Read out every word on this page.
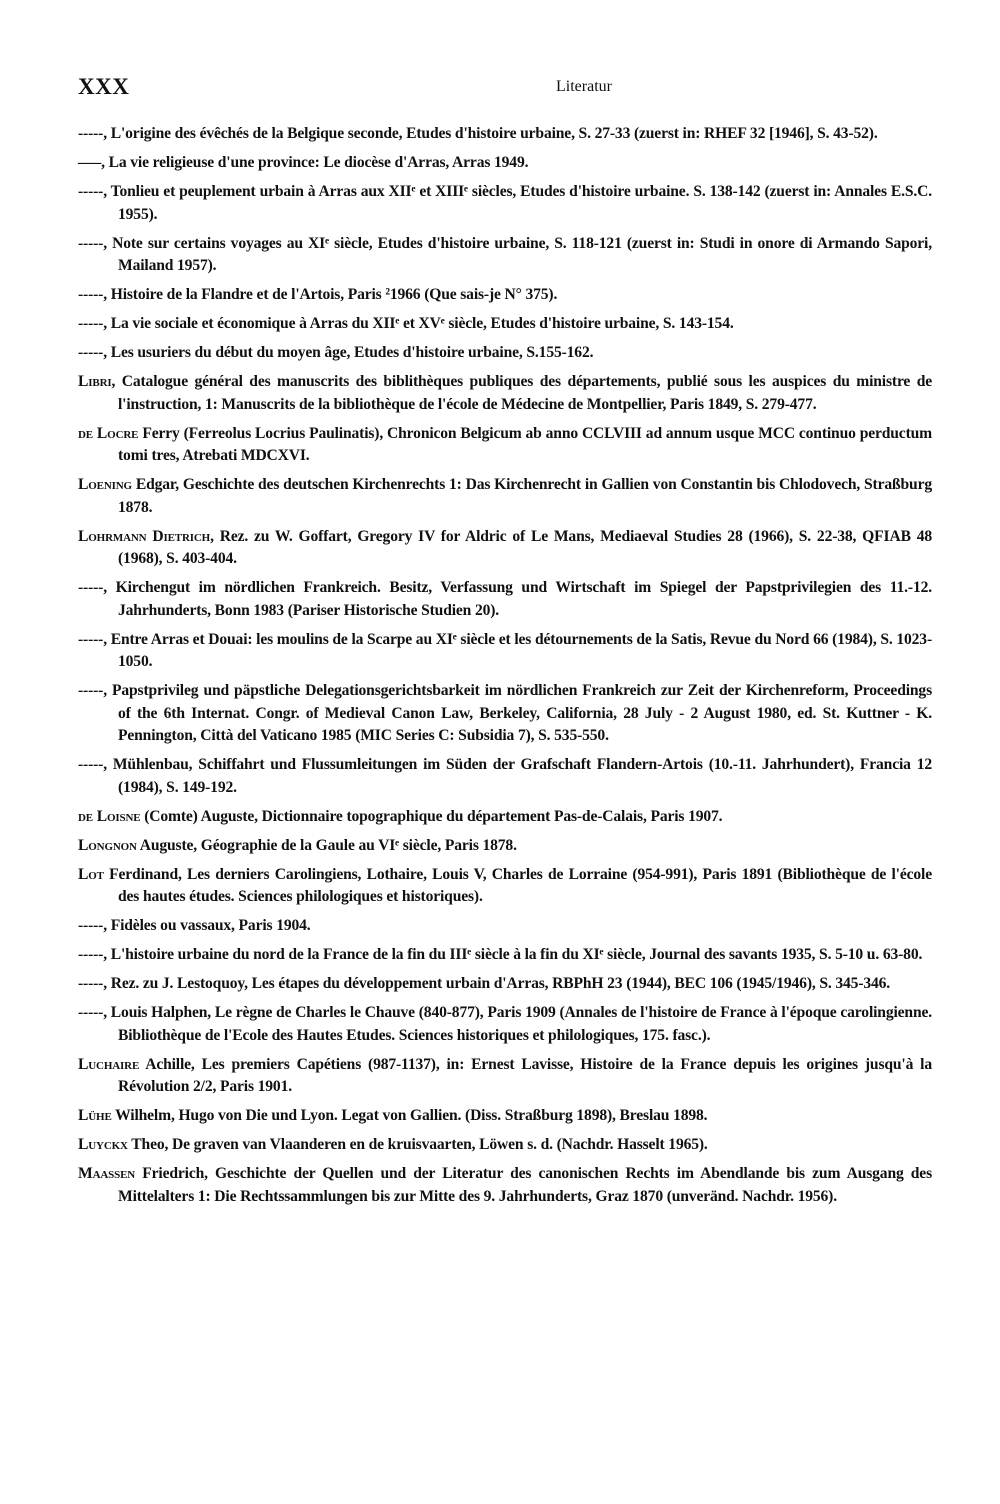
XXX	Literatur

-----, L'origine des évêchés de la Belgique seconde, Etudes d'histoire urbaine, S. 27-33 (zuerst in: RHEF 32 [1946], S. 43-52).

—–, La vie religieuse d'une province: Le diocèse d'Arras, Arras 1949.

-----, Tonlieu et peuplement urbain à Arras aux XIIᵉ et XIIIᵉ siècles, Etudes d'histoire urbaine. S. 138-142 (zuerst in: Annales E.S.C. 1955).

-----, Note sur certains voyages au XIᵉ siècle, Etudes d'histoire urbaine, S. 118-121 (zuerst in: Studi in onore di Armando Sapori, Mailand 1957).

-----, Histoire de la Flandre et de l'Artois, Paris ²1966 (Que sais-je N° 375).

-----, La vie sociale et économique à Arras du XIIᵉ et XVᵉ siècle, Etudes d'histoire urbaine, S. 143-154.

-----, Les usuriers du début du moyen âge, Etudes d'histoire urbaine, S.155-162.

Libri, Catalogue général des manuscrits des biblithèques publiques des départements, publié sous les auspices du ministre de l'instruction, 1: Manuscrits de la bibliothèque de l'école de Médecine de Montpellier, Paris 1849, S. 279-477.

de Locre Ferry (Ferreolus Locrius Paulinatis), Chronicon Belgicum ab anno CCLVIII ad annum usque MCC continuo perductum tomi tres, Atrebati MDCXVI.

Loening Edgar, Geschichte des deutschen Kirchenrechts 1: Das Kirchenrecht in Gallien von Constantin bis Chlodovech, Straßburg 1878.

Lohrmann Dietrich, Rez. zu W. Goffart, Gregory IV for Aldric of Le Mans, Mediaeval Studies 28 (1966), S. 22-38, QFIAB 48 (1968), S. 403-404.

-----, Kirchengut im nördlichen Frankreich. Besitz, Verfassung und Wirtschaft im Spiegel der Papstprivilegien des 11.-12. Jahrhunderts, Bonn 1983 (Pariser Historische Studien 20).

-----, Entre Arras et Douai: les moulins de la Scarpe au XIᵉ siècle et les détournements de la Satis, Revue du Nord 66 (1984), S. 1023-1050.

-----, Papstprivileg und päpstliche Delegationsgerichtsbarkeit im nördlichen Frankreich zur Zeit der Kirchenreform, Proceedings of the 6th Internat. Congr. of Medieval Canon Law, Berkeley, California, 28 July - 2 August 1980, ed. St. Kuttner - K. Pennington, Città del Vaticano 1985 (MIC Series C: Subsidia 7), S. 535-550.

-----, Mühlenbau, Schiffahrt und Flussumleitungen im Süden der Grafschaft Flandern-Artois (10.-11. Jahrhundert), Francia 12 (1984), S. 149-192.

de Loisne (Comte) Auguste, Dictionnaire topographique du département Pas-de-Calais, Paris 1907.

Longnon Auguste, Géographie de la Gaule au VIᵉ siècle, Paris 1878.

Lot Ferdinand, Les derniers Carolingiens, Lothaire, Louis V, Charles de Lorraine (954-991), Paris 1891 (Bibliothèque de l'école des hautes études. Sciences philologiques et historiques).

-----, Fidèles ou vassaux, Paris 1904.

-----, L'histoire urbaine du nord de la France de la fin du IIIᵉ siècle à la fin du XIᵉ siècle, Journal des savants 1935, S. 5-10 u. 63-80.

-----, Rez. zu J. Lestoquoy, Les étapes du développement urbain d'Arras, RBPhH 23 (1944), BEC 106 (1945/1946), S. 345-346.

-----, Louis Halphen, Le règne de Charles le Chauve (840-877), Paris 1909 (Annales de l'histoire de France à l'époque carolingienne. Bibliothèque de l'Ecole des Hautes Etudes. Sciences historiques et philologiques, 175. fasc.).

Luchaire Achille, Les premiers Capétiens (987-1137), in: Ernest Lavisse, Histoire de la France depuis les origines jusqu'à la Révolution 2/2, Paris 1901.

Lühe Wilhelm, Hugo von Die und Lyon. Legat von Gallien. (Diss. Straßburg 1898), Breslau 1898.

Luyckx Theo, De graven van Vlaanderen en de kruisvaarten, Löwen s. d. (Nachdr. Hasselt 1965).

Maassen Friedrich, Geschichte der Quellen und der Literatur des canonischen Rechts im Abendlande bis zum Ausgang des Mittelalters 1: Die Rechtssammlungen bis zur Mitte des 9. Jahrhunderts, Graz 1870 (unveränd. Nachdr. 1956).
